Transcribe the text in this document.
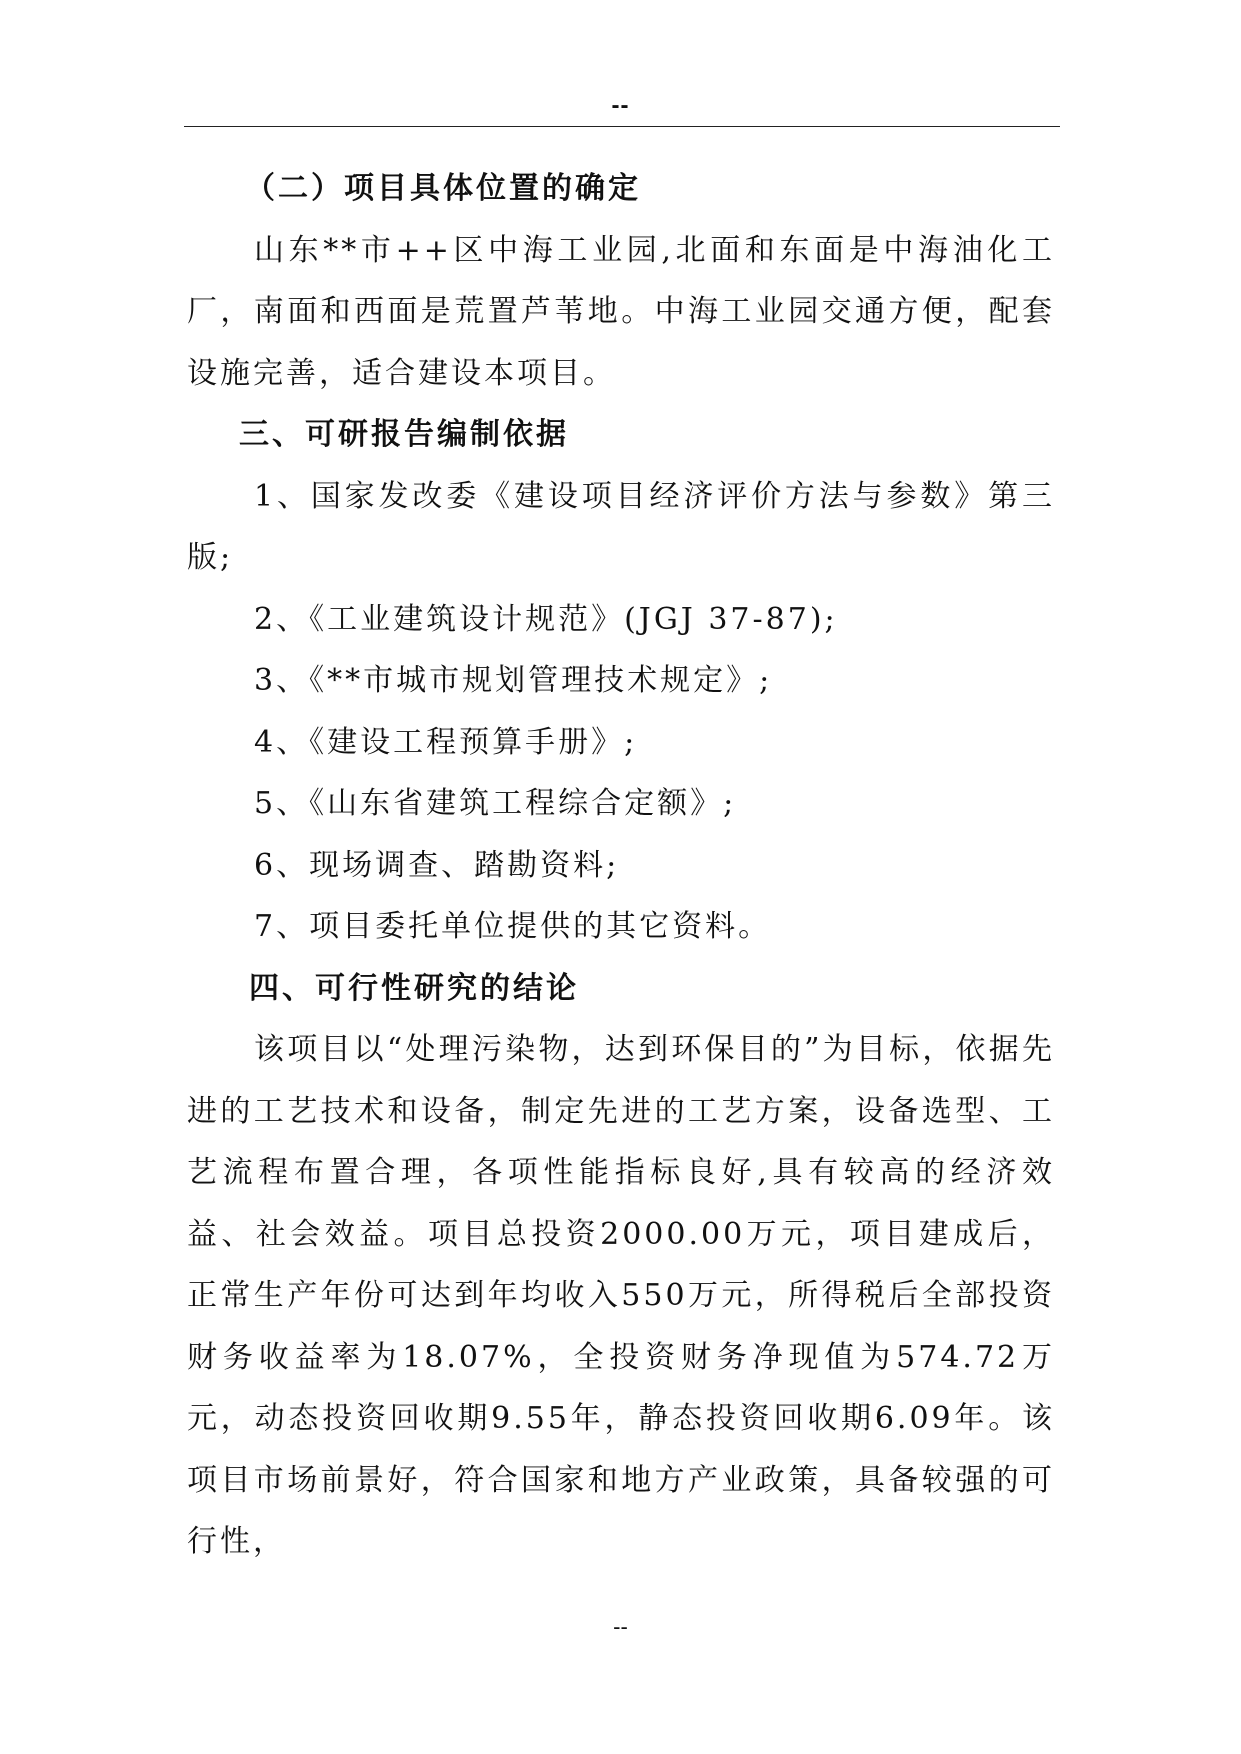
--

（二）项目具体位置的确定

山东**市++区中海工业园,北面和东面是中海油化工厂，南面和西面是荒置芦苇地。中海工业园交通方便，配套设施完善，适合建设本项目。

三、可研报告编制依据

1、国家发改委《建设项目经济评价方法与参数》第三版;

2、《工业建筑设计规范》(JGJ 37-87);

3、《**市城市规划管理技术规定》;

4、《建设工程预算手册》;

5、《山东省建筑工程综合定额》;

6、现场调查、踏勘资料;

7、项目委托单位提供的其它资料。

四、可行性研究的结论

该项目以“处理污染物，达到环保目的”为目标，依据先进的工艺技术和设备，制定先进的工艺方案，设备选型、工艺流程布置合理，各项性能指标良好,具有较高的经济效益、社会效益。项目总投资2000.00万元，项目建成后，正常生产年份可达到年均收入550万元，所得税后全部投资财务收益率为18.07%，全投资财务净现值为574.72万元，动态投资回收期9.55年，静态投资回收期6.09年。该项目市场前景好，符合国家和地方产业政策，具备较强的可行性，

--
